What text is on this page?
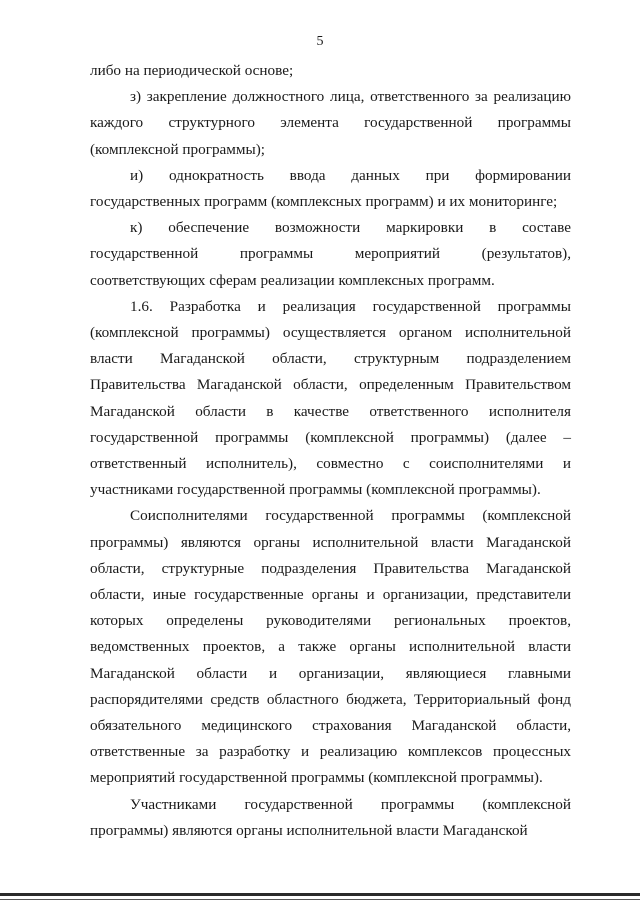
5

либо на периодической основе;

з) закрепление должностного лица, ответственного за реализацию каждого структурного элемента государственной программы (комплексной программы);

и) однократность ввода данных при формировании государственных программ (комплексных программ) и их мониторинге;

к) обеспечение возможности маркировки в составе государственной программы мероприятий (результатов), соответствующих сферам реализации комплексных программ.

1.6. Разработка и реализация государственной программы (комплексной программы) осуществляется органом исполнительной власти Магаданской области, структурным подразделением Правительства Магаданской области, определенным Правительством Магаданской области в качестве ответственного исполнителя государственной программы (комплексной программы) (далее – ответственный исполнитель), совместно с соисполнителями и участниками государственной программы (комплексной программы).

Соисполнителями государственной программы (комплексной программы) являются органы исполнительной власти Магаданской области, структурные подразделения Правительства Магаданской области, иные государственные органы и организации, представители которых определены руководителями региональных проектов, ведомственных проектов, а также органы исполнительной власти Магаданской области и организации, являющиеся главными распорядителями средств областного бюджета, Территориальный фонд обязательного медицинского страхования Магаданской области, ответственные за разработку и реализацию комплексов процессных мероприятий государственной программы (комплексной программы).

Участниками государственной программы (комплексной программы) являются органы исполнительной власти Магаданской
